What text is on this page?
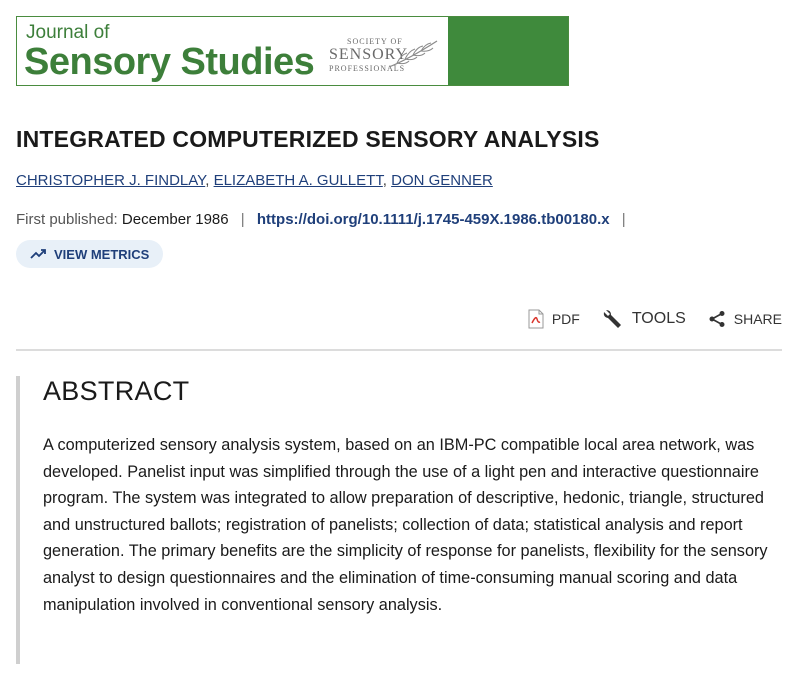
Journal of
Sensory Studies	SOCIETY OF
SENSORY
PROFESSIONALS
INTEGRATED COMPUTERIZED SENSORY ANALYSIS
CHRISTOPHER J. FINDLAY, ELIZABETH A. GULLETT, DON GENNER
First published: December 1986 | https://doi.org/10.1111/j.1745-459X.1986.tb00180.x |
VIEW METRICS
PDF	TOOLS	SHARE
ABSTRACT

A computerized sensory analysis system, based on an IBM-PC compatible local area network, was developed. Panelist input was simplified through the use of a light pen and interactive questionnaire program. The system was integrated to allow preparation of descriptive, hedonic, triangle, structured and unstructured ballots; registration of panelists; collection of data; statistical analysis and report generation. The primary benefits are the simplicity of response for panelists, flexibility for the sensory analyst to design questionnaires and the elimination of time-consuming manual scoring and data manipulation involved in conventional sensory analysis.
